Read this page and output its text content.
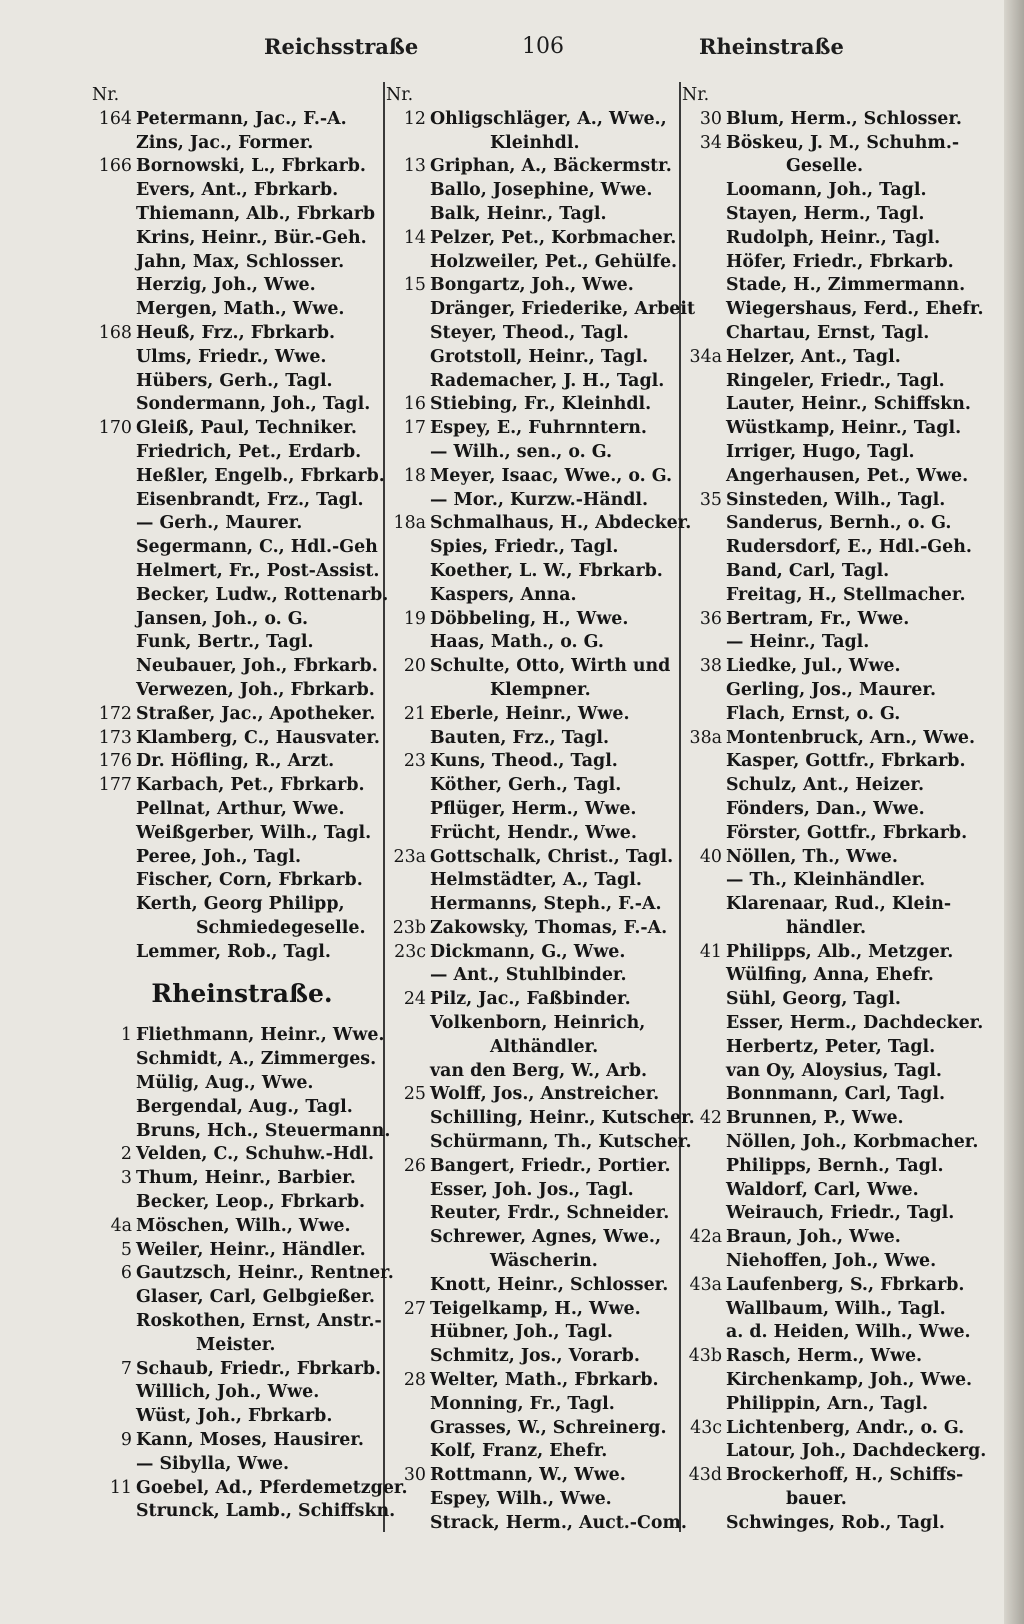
Reichsstraße	106	Rheinstraße
Nr.
164 Petermann, Jac., F.-A.
Zins, Jac., Former.
166 Bornowski, L., Fbrkarb.
Evers, Ant., Fbrkarb.
Thiemann, Alb., Fbrkarb
Krins, Heinr., Bür.-Geh.
Jahn, Max, Schlosser.
Herzig, Joh., Wwe.
Mergen, Math., Wwe.
168 Heuß, Frz., Fbrkarb.
Ulms, Friedr., Wwe.
Hübers, Gerh., Tagl.
Sondermann, Joh., Tagl.
170 Gleiß, Paul, Techniker.
Friedrich, Pet., Erdarb.
Heßler, Engelb., Fbrkarb.
Eisenbrandt, Frz., Tagl.
— Gerh., Maurer.
Segermann, C., Hdl.-Geh
Helmert, Fr., Post-Assist.
Becker, Ludw., Rottenarb.
Jansen, Joh., o. G.
Funk, Bertr., Tagl.
Neubauer, Joh., Fbrkarb.
Verwezen, Joh., Fbrkarb.
172 Straßer, Jac., Apotheker.
173 Klamberg, C., Hausvater.
176 Dr. Höfling, R., Arzt.
177 Karbach, Pet., Fbrkarb.
Pellnat, Arthur, Wwe.
Weißgerber, Wilh., Tagl.
Peree, Joh., Tagl.
Fischer, Corn, Fbrkarb.
Kerth, Georg Philipp,
Schmiedegeselle.
Lemmer, Rob., Tagl.
Rheinstraße.
1 Fliethmann, Heinr., Wwe.
Schmidt, A., Zimmerges.
Mülig, Aug., Wwe.
Bergendal, Aug., Tagl.
Bruns, Hch., Steuermann.
2 Velden, C., Schuhw.-Hdl.
3 Thum, Heinr., Barbier.
Becker, Leop., Fbrkarb.
4a Möschen, Wilh., Wwe.
5 Weiler, Heinr., Händler.
6 Gautzsch, Heinr., Rentner.
Glaser, Carl, Gelbgießer.
Roskothen, Ernst, Anstr.-
Meister.
7 Schaub, Friedr., Fbrkarb.
Willich, Joh., Wwe.
Wüst, Joh., Fbrkarb.
9 Kann, Moses, Hausirer.
— Sibylla, Wwe.
11 Goebel, Ad., Pferdemetzger.
Strunck, Lamb., Schiffskn.
Nr.
12 Ohligschläger, A., Wwe.,
Kleinhdl.
13 Griphan, A., Bäckermstr.
Ballo, Josephine, Wwe.
Balk, Heinr., Tagl.
14 Pelzer, Pet., Korbmacher.
Holzweiler, Pet., Gehülfe.
15 Bongartz, Joh., Wwe.
Dränger, Friederike, Arbeit
Steyer, Theod., Tagl.
Grotstoll, Heinr., Tagl.
Rademacher, J. H., Tagl.
16 Stiebing, Fr., Kleinhdl.
17 Espey, E., Fuhrnntern.
— Wilh., sen., o. G.
18 Meyer, Isaac, Wwe., o. G.
— Mor., Kurzw.-Händl.
18a Schmalhaus, H., Abdecker.
Spies, Friedr., Tagl.
Koether, L. W., Fbrkarb.
Kaspers, Anna.
19 Döbbeling, H., Wwe.
Haas, Math., o. G.
20 Schulte, Otto, Wirth und
Klempner.
21 Eberle, Heinr., Wwe.
Bauten, Frz., Tagl.
23 Kuns, Theod., Tagl.
Köther, Gerh., Tagl.
Pflüger, Herm., Wwe.
Frücht, Hendr., Wwe.
23a Gottschalk, Christ., Tagl.
Helmstädter, A., Tagl.
Hermanns, Steph., F.-A.
23b Zakowsky, Thomas, F.-A.
23c Dickmann, G., Wwe.
— Ant., Stuhlbinder.
24 Pilz, Jac., Faßbinder.
Volkenborn, Heinrich,
Althändler.
van den Berg, W., Arb.
25 Wolff, Jos., Anstreicher.
Schilling, Heinr., Kutscher.
Schürmann, Th., Kutscher.
26 Bangert, Friedr., Portier.
Esser, Joh. Jos., Tagl.
Reuter, Frdr., Schneider.
Schrewer, Agnes, Wwe.,
Wäscherin.
Knott, Heinr., Schlosser.
27 Teigelkamp, H., Wwe.
Hübner, Joh., Tagl.
Schmitz, Jos., Vorarb.
28 Welter, Math., Fbrkarb.
Monning, Fr., Tagl.
Grasses, W., Schreinerg.
Kolf, Franz, Ehefr.
30 Rottmann, W., Wwe.
Espey, Wilh., Wwe.
Strack, Herm., Auct.-Com.
Nr.
30 Blum, Herm., Schlosser.
34 Böskeu, J. M., Schuhm.-
Geselle.
Loomann, Joh., Tagl.
Stayen, Herm., Tagl.
Rudolph, Heinr., Tagl.
Höfer, Friedr., Fbrkarb.
Stade, H., Zimmermann.
Wiegershaus, Ferd., Ehefr.
Chartau, Ernst, Tagl.
34a Helzer, Ant., Tagl.
Ringeler, Friedr., Tagl.
Lauter, Heinr., Schiffskn.
Wüstkamp, Heinr., Tagl.
Irriger, Hugo, Tagl.
Angerhausen, Pet., Wwe.
35 Sinsteden, Wilh., Tagl.
Sanderus, Bernh., o. G.
Rudersdorf, E., Hdl.-Geh.
Band, Carl, Tagl.
Freitag, H., Stellmacher.
36 Bertram, Fr., Wwe.
— Heinr., Tagl.
38 Liedke, Jul., Wwe.
Gerling, Jos., Maurer.
Flach, Ernst, o. G.
38a Montenbruck, Arn., Wwe.
Kasper, Gottfr., Fbrkarb.
Schulz, Ant., Heizer.
Fönders, Dan., Wwe.
Förster, Gottfr., Fbrkarb.
40 Nöllen, Th., Wwe.
— Th., Kleinhändler.
Klarenaar, Rud., Klein-
händler.
41 Philipps, Alb., Metzger.
Wülfing, Anna, Ehefr.
Sühl, Georg, Tagl.
Esser, Herm., Dachdecker.
Herbertz, Peter, Tagl.
van Oy, Aloysius, Tagl.
Bonnmann, Carl, Tagl.
42 Brunnen, P., Wwe.
Nöllen, Joh., Korbmacher.
Philipps, Bernh., Tagl.
Waldorf, Carl, Wwe.
Weirauch, Friedr., Tagl.
42a Braun, Joh., Wwe.
Niehoffen, Joh., Wwe.
43a Laufenberg, S., Fbrkarb.
Wallbaum, Wilh., Tagl.
a. d. Heiden, Wilh., Wwe.
43b Rasch, Herm., Wwe.
Kirchenkamp, Joh., Wwe.
Philippin, Arn., Tagl.
43c Lichtenberg, Andr., o. G.
Latour, Joh., Dachdeckerg.
43d Brockerhoff, H., Schiffs-
bauer.
Schwinges, Rob., Tagl.
